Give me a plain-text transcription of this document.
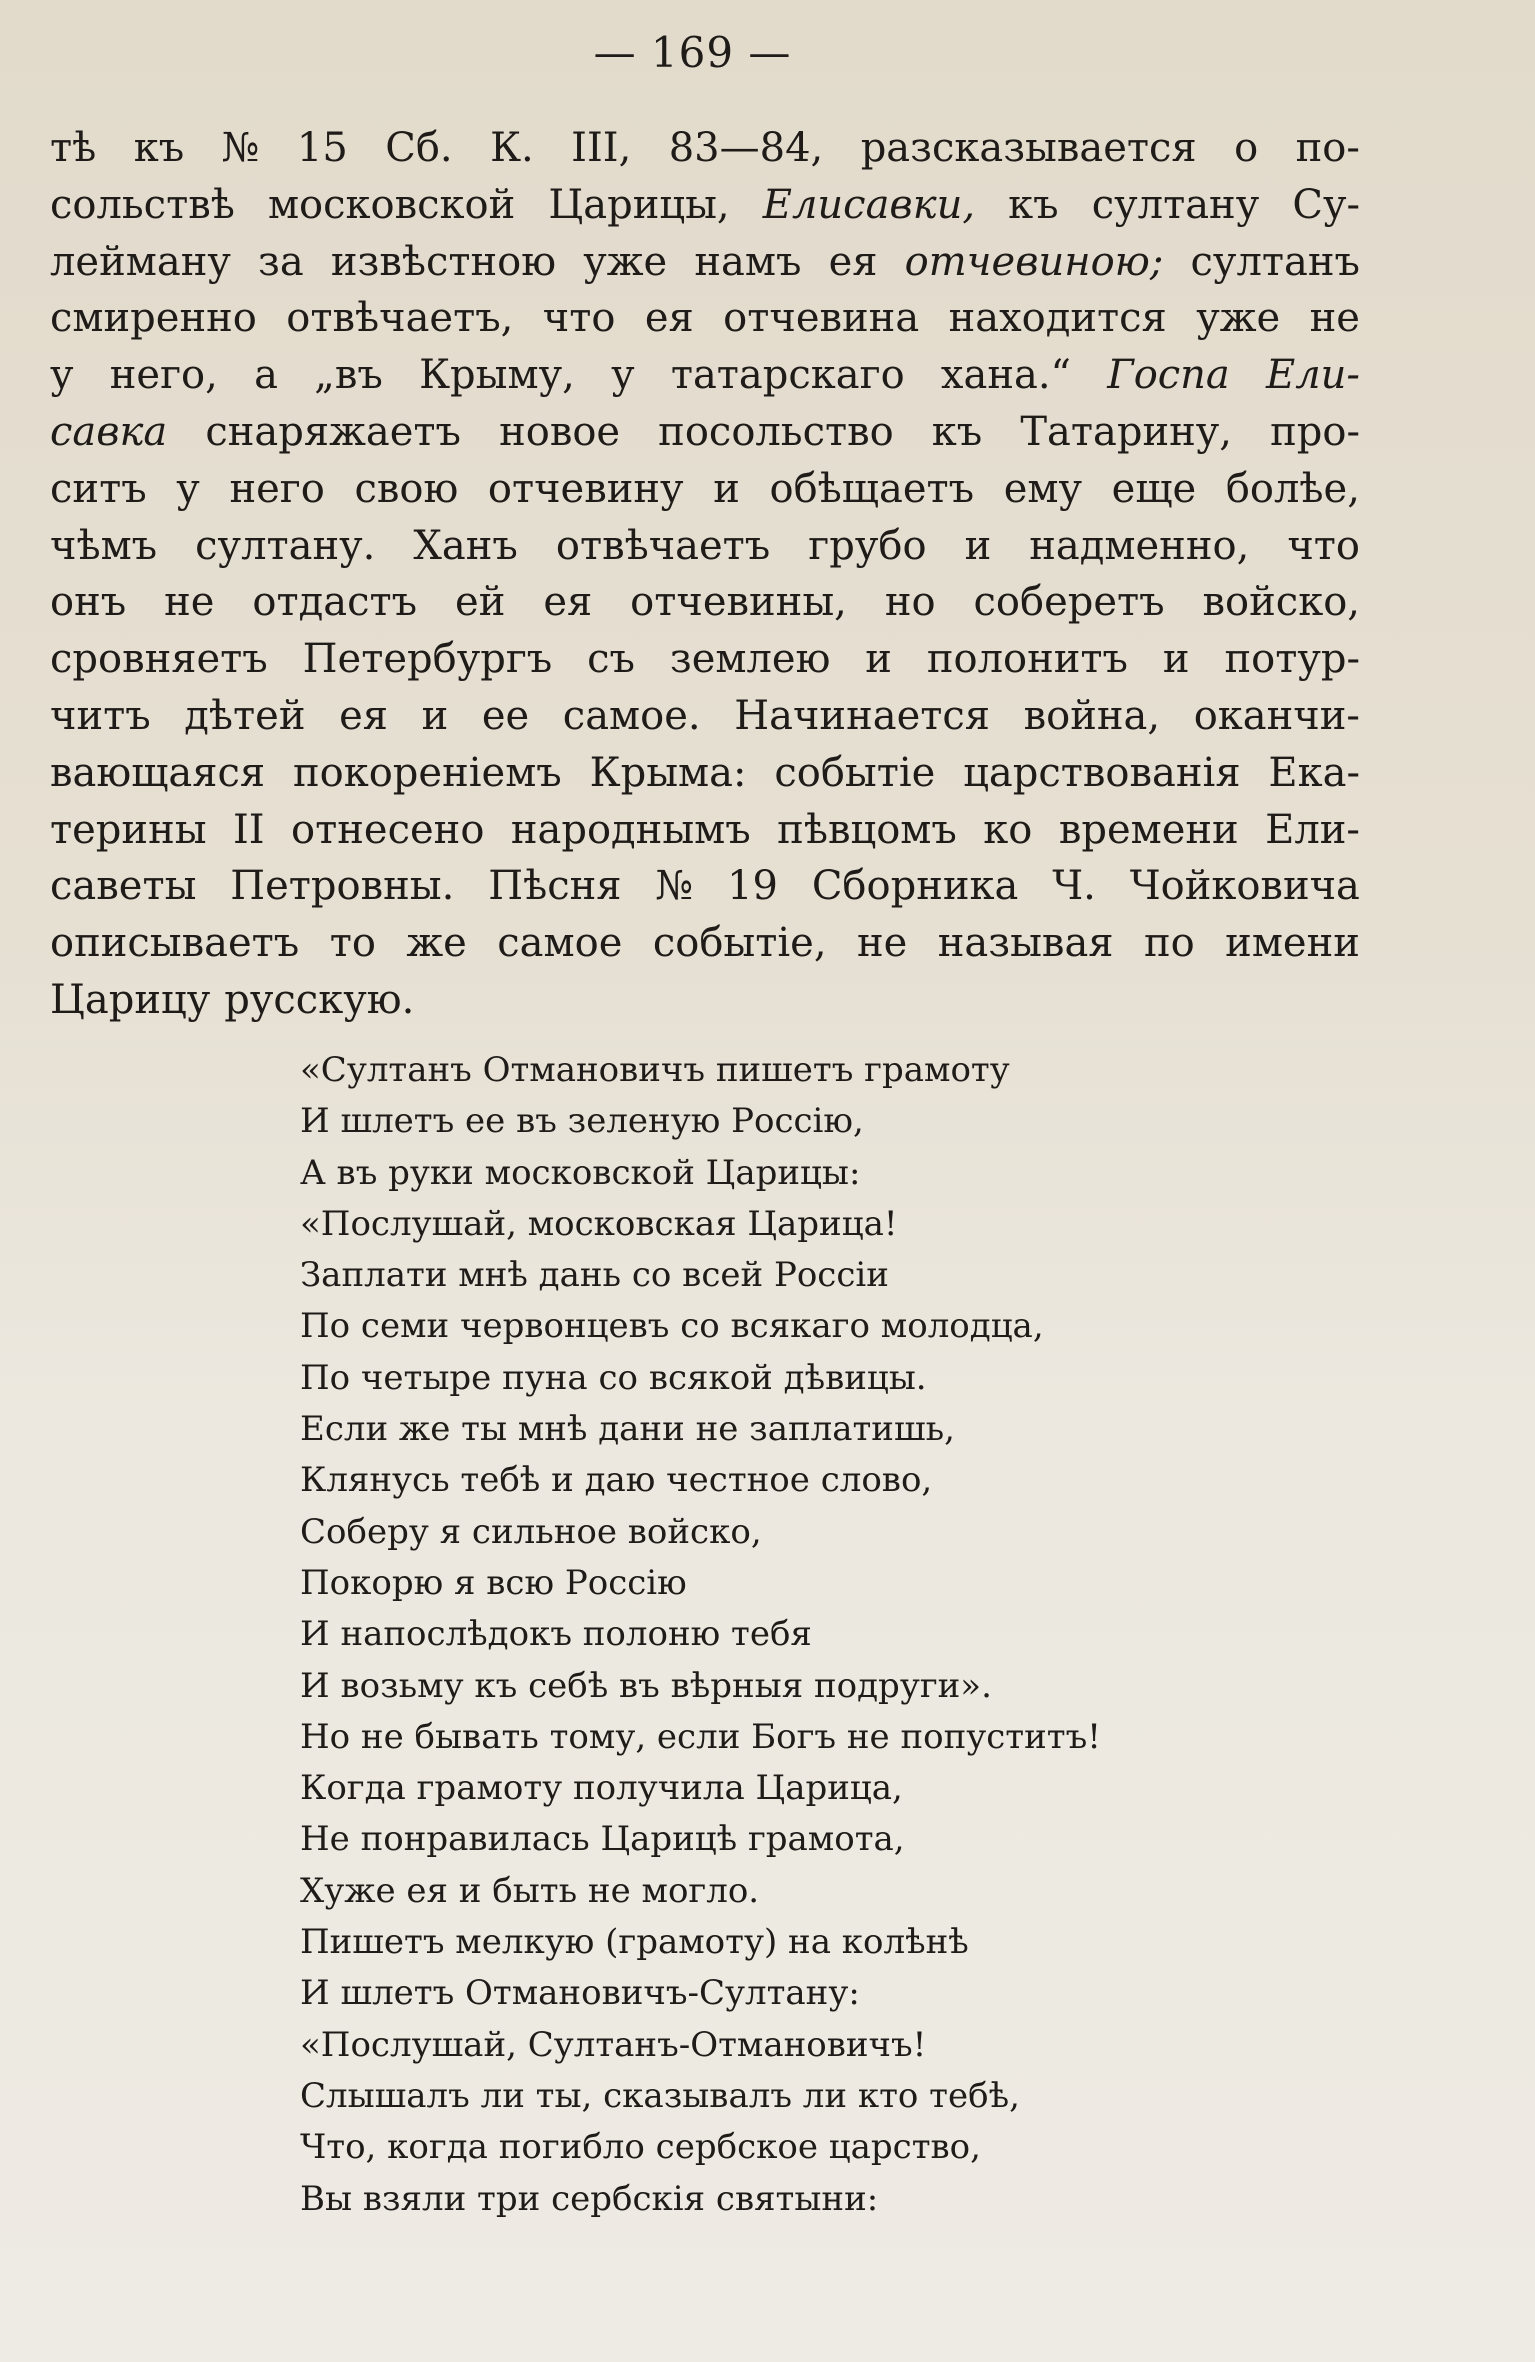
— 169 —
тѣ къ № 15 Сб. К. III, 83—84, разсказывается о по-
сольствѣ московской Царицы, Елисавки, къ султану Су-
лейману за извѣстною уже намъ ея отчевиною; султанъ
смиренно отвѣчаетъ, что ея отчевина находится уже не
у него, а „въ Крыму, у татарскаго хана.“ Госпа Ели-
савка снаряжаетъ новое посольство къ Татарину, про-
ситъ у него свою отчевину и обѣщаетъ ему еще болѣе,
чѣмъ султану. Ханъ отвѣчаетъ грубо и надменно, что
онъ не отдастъ ей ея отчевины, но соберетъ войско,
сровняетъ Петербургъ съ землею и полонитъ и потур-
читъ дѣтей ея и ее самое. Начинается война, оканчи-
вающаяся покореніемъ Крыма: событіе царствованія Ека-
терины II отнесено народнымъ пѣвцомъ ко времени Ели-
саветы Петровны. Пѣсня № 19 Сборника Ч. Чойковича
описываетъ то же самое событіе, не называя по имени
Царицу русскую.
«Султанъ Отмановичъ пишетъ грамоту
И шлетъ ее въ зеленую Россію,
А въ руки московской Царицы:
«Послушай, московская Царица!
Заплати мнѣ дань со всей Россіи
По семи червонцевъ со всякаго молодца,
По четыре пуна со всякой дѣвицы.
Если же ты мнѣ дани не заплатишь,
Клянусь тебѣ и даю честное слово,
Соберу я сильное войско,
Покорю я всю Россію
И напослѣдокъ полоню тебя
И возьму къ себѣ въ вѣрныя подруги».
Но не бывать тому, если Богъ не попуститъ!
Когда грамоту получила Царица,
Не понравилась Царицѣ грамота,
Хуже ея и быть не могло.
Пишетъ мелкую (грамоту) на колѣнѣ
И шлетъ Отмановичъ-Султану:
«Послушай, Султанъ-Отмановичъ!
Слышалъ ли ты, сказывалъ ли кто тебѣ,
Что, когда погибло сербское царство,
Вы взяли три сербскія святыни:
